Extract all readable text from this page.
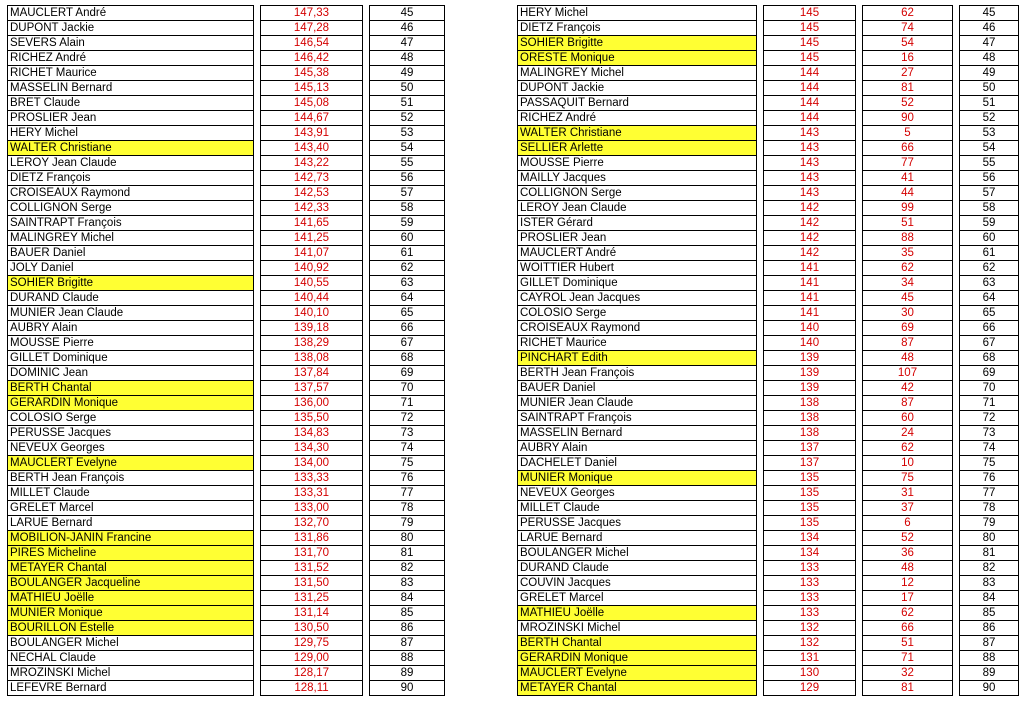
MAUCLERT André		147,33		45
DUPONT Jackie		147,28		46
SEVERS Alain		146,54		47
RICHEZ André		146,42		48
RICHET Maurice		145,38		49
MASSELIN Bernard		145,13		50
BRET Claude		145,08		51
PROSLIER Jean		144,67		52
HERY Michel		143,91		53

WALTER Christiane		143,40		54
LEROY Jean Claude		143,22		55
DIETZ François		142,73		56
CROISEAUX Raymond		142,53		57
COLLIGNON Serge		142,33		58
SAINTRAPT François		141,65		59
MALINGREY Michel		141,25		60
BAUER Daniel		141,07		61
JOLY Daniel		140,92		62

SOHIER Brigitte		140,55		63
DURAND Claude		140,44		64
MUNIER Jean Claude		140,10		65
AUBRY Alain		139,18		66
MOUSSE Pierre		138,29		67
GILLET Dominique		138,08		68
DOMINIC Jean		137,84		69

BERTH Chantal		137,57		70

GERARDIN Monique		136,00		71
COLOSIO Serge		135,50		72
PERUSSE Jacques		134,83		73
NEVEUX Georges		134,30		74

MAUCLERT Evelyne		134,00		75
BERTH Jean François		133,33		76
MILLET Claude		133,31		77
GRELET Marcel		133,00		78
LARUE Bernard		132,70		79

MOBILION-JANIN Francine		131,86		80

PIRES Micheline		131,70		81

METAYER Chantal		131,52		82

BOULANGER Jacqueline		131,50		83

MATHIEU Joëlle		131,25		84

MUNIER Monique		131,14		85

BOURILLON Estelle		130,50		86
BOULANGER Michel		129,75		87
NECHAL Claude		129,00		88
MROZINSKI Michel		128,17		89
LEFEVRE Bernard		128,11		90
HERY Michel		145		62		45
DIETZ François		145		74		46

SOHIER Brigitte		145		54		47

ORESTE Monique		145		16		48
MALINGREY Michel		144		27		49
DUPONT Jackie		144		81		50
PASSAQUIT Bernard		144		52		51
RICHEZ André		144		90		52

WALTER Christiane		143		5		53

SELLIER Arlette		143		66		54
MOUSSE Pierre		143		77		55
MAILLY Jacques		143		41		56
COLLIGNON Serge		143		44		57
LEROY Jean Claude		142		99		58
ISTER Gérard		142		51		59
PROSLIER Jean		142		88		60
MAUCLERT André		142		35		61
WOITTIER Hubert		141		62		62
GILLET Dominique		141		34		63
CAYROL Jean Jacques		141		45		64
COLOSIO Serge		141		30		65
CROISEAUX Raymond		140		69		66
RICHET Maurice		140		87		67

PINCHART Edith		139		48		68
BERTH Jean François		139		107		69
BAUER Daniel		139		42		70
MUNIER Jean Claude		138		87		71
SAINTRAPT François		138		60		72
MASSELIN Bernard		138		24		73
AUBRY Alain		137		62		74
DACHELET Daniel		137		10		75

MUNIER Monique		135		75		76
NEVEUX Georges		135		31		77
MILLET Claude		135		37		78
PERUSSE Jacques		135		6		79
LARUE Bernard		134		52		80
BOULANGER Michel		134		36		81
DURAND Claude		133		48		82
COUVIN Jacques		133		12		83
GRELET Marcel		133		17		84

MATHIEU Joëlle		133		62		85
MROZINSKI Michel		132		66		86

BERTH Chantal		132		51		87

GERARDIN Monique		131		71		88

MAUCLERT Evelyne		130		32		89

METAYER Chantal		129		81		90
